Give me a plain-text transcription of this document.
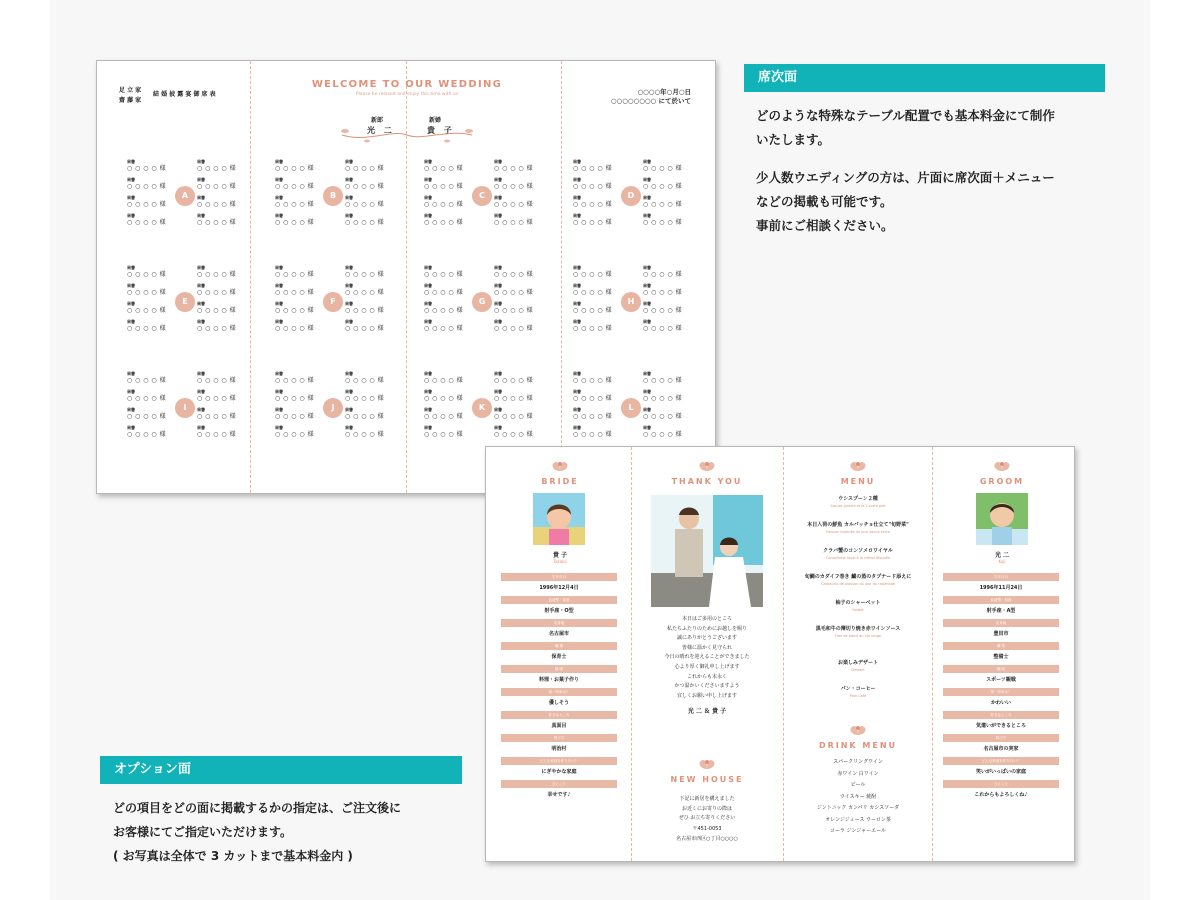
足 立 家
齋 藤 家
結 婚 披 露 宴 御 席 表
WELCOME TO OUR WEDDING
Please be relaxed and enjoy this time with us
新郎
光 二
新婦
貴 子
○○○○年○月○日
○○○○○○○○ にて於いて
肩書
○ ○ ○ ○ 様
肩書
○ ○ ○ ○ 様
肩書
○ ○ ○ ○ 様
肩書
○ ○ ○ ○ 様
肩書
○ ○ ○ ○ 様
肩書
○ ○ ○ ○ 様
肩書
○ ○ ○ ○ 様
肩書
○ ○ ○ ○ 様
A
肩書
○ ○ ○ ○ 様
肩書
○ ○ ○ ○ 様
肩書
○ ○ ○ ○ 様
肩書
○ ○ ○ ○ 様
肩書
○ ○ ○ ○ 様
肩書
○ ○ ○ ○ 様
肩書
○ ○ ○ ○ 様
肩書
○ ○ ○ ○ 様
B
肩書
○ ○ ○ ○ 様
肩書
○ ○ ○ ○ 様
肩書
○ ○ ○ ○ 様
肩書
○ ○ ○ ○ 様
肩書
○ ○ ○ ○ 様
肩書
○ ○ ○ ○ 様
肩書
○ ○ ○ ○ 様
肩書
○ ○ ○ ○ 様
C
肩書
○ ○ ○ ○ 様
肩書
○ ○ ○ ○ 様
肩書
○ ○ ○ ○ 様
肩書
○ ○ ○ ○ 様
肩書
○ ○ ○ ○ 様
肩書
○ ○ ○ ○ 様
肩書
○ ○ ○ ○ 様
肩書
○ ○ ○ ○ 様
D
肩書
○ ○ ○ ○ 様
肩書
○ ○ ○ ○ 様
肩書
○ ○ ○ ○ 様
肩書
○ ○ ○ ○ 様
肩書
○ ○ ○ ○ 様
肩書
○ ○ ○ ○ 様
肩書
○ ○ ○ ○ 様
肩書
○ ○ ○ ○ 様
E
肩書
○ ○ ○ ○ 様
肩書
○ ○ ○ ○ 様
肩書
○ ○ ○ ○ 様
肩書
○ ○ ○ ○ 様
肩書
○ ○ ○ ○ 様
肩書
○ ○ ○ ○ 様
肩書
○ ○ ○ ○ 様
肩書
○ ○ ○ ○ 様
F
肩書
○ ○ ○ ○ 様
肩書
○ ○ ○ ○ 様
肩書
○ ○ ○ ○ 様
肩書
○ ○ ○ ○ 様
肩書
○ ○ ○ ○ 様
肩書
○ ○ ○ ○ 様
肩書
○ ○ ○ ○ 様
肩書
○ ○ ○ ○ 様
G
肩書
○ ○ ○ ○ 様
肩書
○ ○ ○ ○ 様
肩書
○ ○ ○ ○ 様
肩書
○ ○ ○ ○ 様
肩書
○ ○ ○ ○ 様
肩書
○ ○ ○ ○ 様
肩書
○ ○ ○ ○ 様
肩書
○ ○ ○ ○ 様
H
肩書
○ ○ ○ ○ 様
肩書
○ ○ ○ ○ 様
肩書
○ ○ ○ ○ 様
肩書
○ ○ ○ ○ 様
肩書
○ ○ ○ ○ 様
肩書
○ ○ ○ ○ 様
肩書
○ ○ ○ ○ 様
肩書
○ ○ ○ ○ 様
I
肩書
○ ○ ○ ○ 様
肩書
○ ○ ○ ○ 様
肩書
○ ○ ○ ○ 様
肩書
○ ○ ○ ○ 様
肩書
○ ○ ○ ○ 様
肩書
○ ○ ○ ○ 様
肩書
○ ○ ○ ○ 様
肩書
○ ○ ○ ○ 様
J
肩書
○ ○ ○ ○ 様
肩書
○ ○ ○ ○ 様
肩書
○ ○ ○ ○ 様
肩書
○ ○ ○ ○ 様
肩書
○ ○ ○ ○ 様
肩書
○ ○ ○ ○ 様
肩書
○ ○ ○ ○ 様
肩書
○ ○ ○ ○ 様
K
肩書
○ ○ ○ ○ 様
肩書
○ ○ ○ ○ 様
肩書
○ ○ ○ ○ 様
肩書
○ ○ ○ ○ 様
肩書
○ ○ ○ ○ 様
肩書
○ ○ ○ ○ 様
肩書
○ ○ ○ ○ 様
肩書
○ ○ ○ ○ 様
L
BRIDE
貴 子
Takako
生年月日
1996年12月4日
血液型・星座
射手座・O型
出身地
名古屋市
職 業
保育士
趣 味
料理・お菓子作り
第一印象は？
優しそう
好きなところ
真面目
呼び方
明治村
どんな家庭を作りたい？
にぎやかな家庭
ひとこと
幸せです♪
THANK YOU
本日はご多用のところ
私たちふたりのためにお越しを賜り
誠にありがとうございます
皆様に温かく見守られ
今日の晴れを迎えることができました
心より厚く御礼申し上げます
これからも末永く
かつ温かいくださいますよう
宜しくお願い申し上げます
光 二 ＆ 貴 子
NEW HOUSE
下記に新居を構えました
お近くにお寄りの際は
ぜひ お立ち寄りください
〒451-0053
名古屋市西区○丁目○○○○
MENU
ウシスプーン２種
Amuse gueule et le 2 sorte plat
本日入荷の鮮魚 カルパッチョ仕立て"旬野菜"
Poisson marinée du jour sauce verte
クラバ蟹のコンソメロワイヤル
Consomme royal à la crème Bisquée
旬鯛のカダイフ巻き 鱸の蒸のタプナード添えに
Carpaccio de poisson du jour au tapenade
柚子のシャーベット
Sorbet
黒毛和牛の薄切り焼き赤ワインソース
Filet de bœuf au vin rouge
お楽しみデザート
Dessert
パン・コーヒー
Pain Café
DRINK MENU
スパークリングワイン
赤ワイン 白ワイン
ビール
ウイスキー 焼酎
ジントニック カンパリ カシスソーダ
オレンジジュース ウーロン茶
コーラ ジンジャーエール
GROOM
光 二
Koji
生年月日
1996年11月24日
血液型・星座
射手座・A型
出身地
豊田市
職 業
整備士
趣 味
スポーツ観戦
第一印象は？
かわいい
好きなところ
気遣いができるところ
呼び方
名古屋市の実家
どんな家庭を作りたい？
笑いがいっぱいの家庭
ひとこと
これからもよろしくね♪
席次面
どのような特殊なテーブル配置でも基本料金にて制作
いたします。
少人数ウエディングの方は、片面に席次面＋メニュー
などの掲載も可能です。
事前にご相談ください。
オプション面
どの項目をどの面に掲載するかの指定は、ご注文後に
お客様にてご指定いただけます。
( お写真は全体で 3 カットまで基本料金内 )
